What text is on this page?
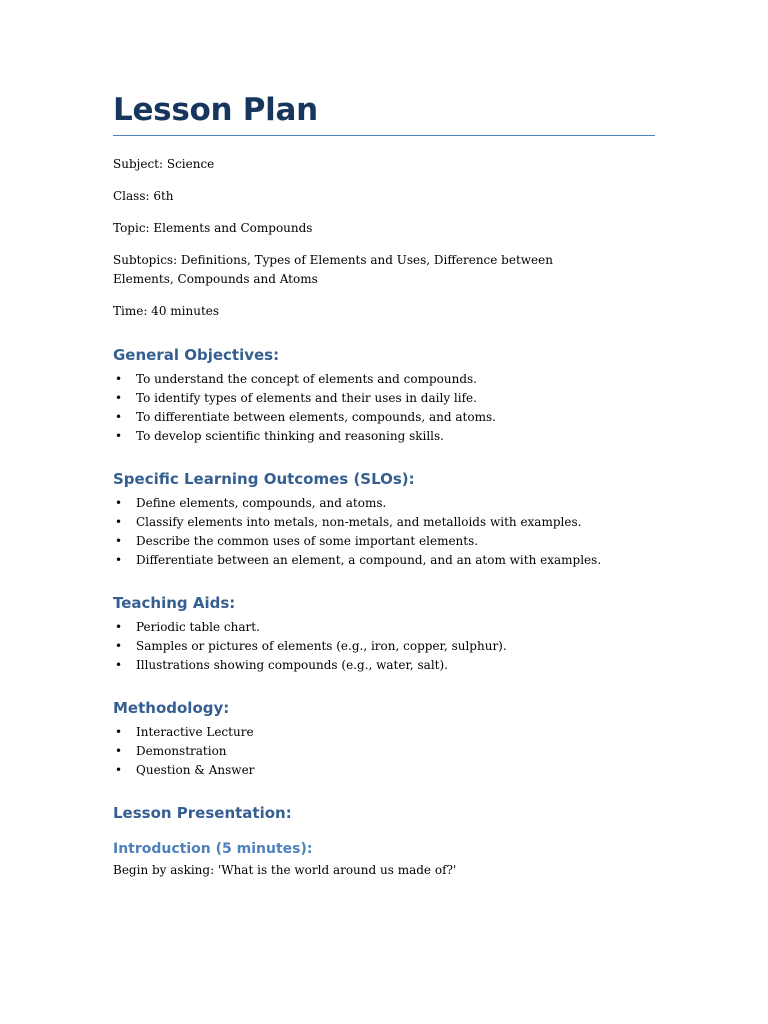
Lesson Plan

Subject: Science

Class: 6th

Topic: Elements and Compounds

Subtopics: Definitions, Types of Elements and Uses, Difference between Elements, Compounds and Atoms

Time: 40 minutes

General Objectives:
• To understand the concept of elements and compounds.
• To identify types of elements and their uses in daily life.
• To differentiate between elements, compounds, and atoms.
• To develop scientific thinking and reasoning skills.
Specific Learning Outcomes (SLOs):
• Define elements, compounds, and atoms.
• Classify elements into metals, non-metals, and metalloids with examples.
• Describe the common uses of some important elements.
• Differentiate between an element, a compound, and an atom with examples.
Teaching Aids:
• Periodic table chart.
• Samples or pictures of elements (e.g., iron, copper, sulphur).
• Illustrations showing compounds (e.g., water, salt).
Methodology:
• Interactive Lecture
• Demonstration
• Question & Answer
Lesson Presentation:
Introduction (5 minutes):

Begin by asking: 'What is the world around us made of?'
